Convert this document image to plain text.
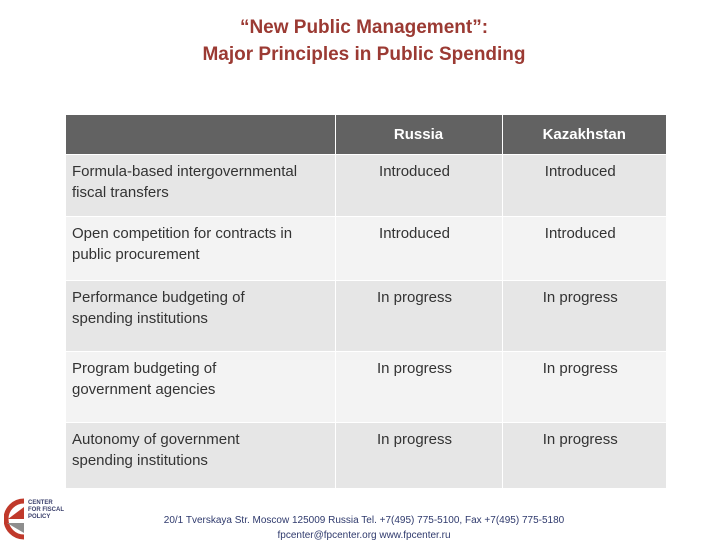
“New Public Management”:
Major Principles in Public Spending
	Russia	Kazakhstan

Formula-based intergovernmental
fiscal transfers	Introduced	Introduced

Open competition for contracts in
public procurement	Introduced	Introduced

Performance budgeting of
spending institutions	In progress	In progress

Program budgeting of
government agencies	In progress	In progress

Autonomy of government
spending institutions	In progress	In progress
CENTER
FOR FISCAL
POLICY	20/1 Tverskaya Str. Moscow 125009 Russia Tel. +7(495) 775-5100, Fax +7(495) 775-5180
fpcenter@fpcenter.org www.fpcenter.ru
